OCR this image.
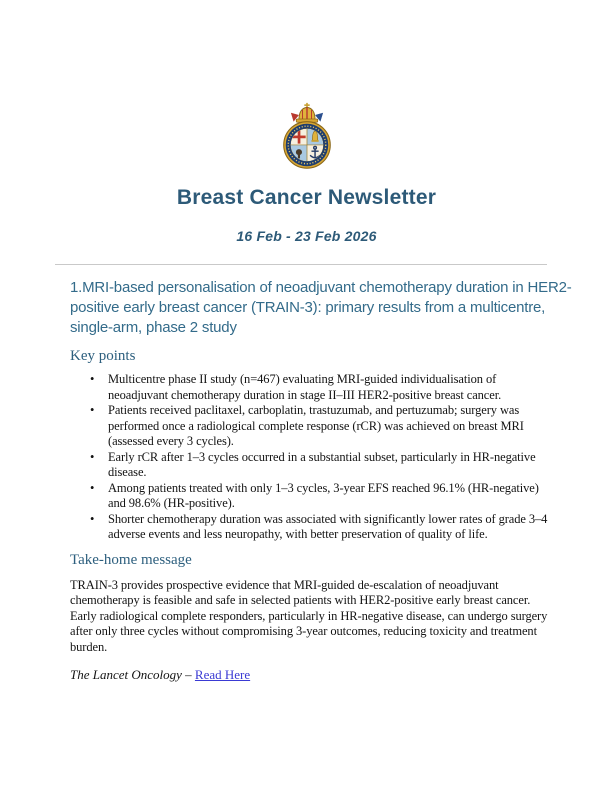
Breast Cancer Newsletter
16 Feb - 23 Feb 2026
1.MRI-based personalisation of neoadjuvant chemotherapy duration in HER2-positive early breast cancer (TRAIN-3): primary results from a multicentre, single-arm, phase 2 study
Key points
• Multicentre phase II study (n=467) evaluating MRI-guided individualisation of neoadjuvant chemotherapy duration in stage II–III HER2-positive breast cancer.
• Patients received paclitaxel, carboplatin, trastuzumab, and pertuzumab; surgery was performed once a radiological complete response (rCR) was achieved on breast MRI (assessed every 3 cycles).
• Early rCR after 1–3 cycles occurred in a substantial subset, particularly in HR-negative disease.
• Among patients treated with only 1–3 cycles, 3-year EFS reached 96.1% (HR-negative) and 98.6% (HR-positive).
• Shorter chemotherapy duration was associated with significantly lower rates of grade 3–4 adverse events and less neuropathy, with better preservation of quality of life.
Take-home message
TRAIN-3 provides prospective evidence that MRI-guided de-escalation of neoadjuvant chemotherapy is feasible and safe in selected patients with HER2-positive early breast cancer. Early radiological complete responders, particularly in HR-negative disease, can undergo surgery after only three cycles without compromising 3-year outcomes, reducing toxicity and treatment burden.
The Lancet Oncology – Read Here
